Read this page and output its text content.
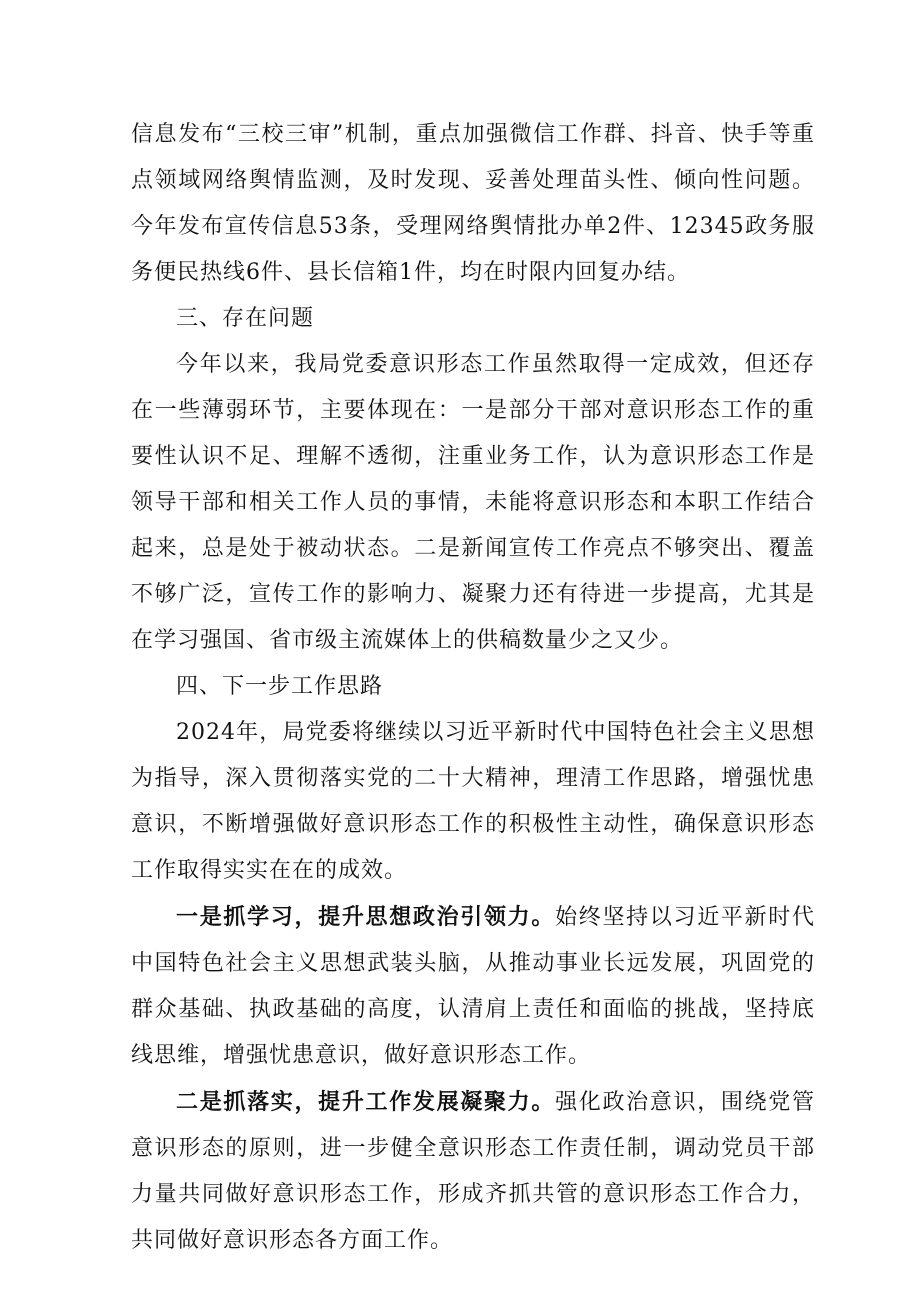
信息发布“三校三审”机制，重点加强微信工作群、抖音、快手等重点领域网络舆情监测，及时发现、妥善处理苗头性、倾向性问题。今年发布宣传信息53条，受理网络舆情批办单2件、12345政务服务便民热线6件、县长信箱1件，均在时限内回复办结。

三、存在问题

今年以来，我局党委意识形态工作虽然取得一定成效，但还存在一些薄弱环节，主要体现在：一是部分干部对意识形态工作的重要性认识不足、理解不透彻，注重业务工作，认为意识形态工作是领导干部和相关工作人员的事情，未能将意识形态和本职工作结合起来，总是处于被动状态。二是新闻宣传工作亮点不够突出、覆盖不够广泛，宣传工作的影响力、凝聚力还有待进一步提高，尤其是在学习强国、省市级主流媒体上的供稿数量少之又少。

四、下一步工作思路

2024年，局党委将继续以习近平新时代中国特色社会主义思想为指导，深入贯彻落实党的二十大精神，理清工作思路，增强忧患意识，不断增强做好意识形态工作的积极性主动性，确保意识形态工作取得实实在在的成效。

一是抓学习，提升思想政治引领力。始终坚持以习近平新时代中国特色社会主义思想武装头脑，从推动事业长远发展，巩固党的群众基础、执政基础的高度，认清肩上责任和面临的挑战，坚持底线思维，增强忧患意识，做好意识形态工作。

二是抓落实，提升工作发展凝聚力。强化政治意识，围绕党管意识形态的原则，进一步健全意识形态工作责任制，调动党员干部力量共同做好意识形态工作，形成齐抓共管的意识形态工作合力，共同做好意识形态各方面工作。
